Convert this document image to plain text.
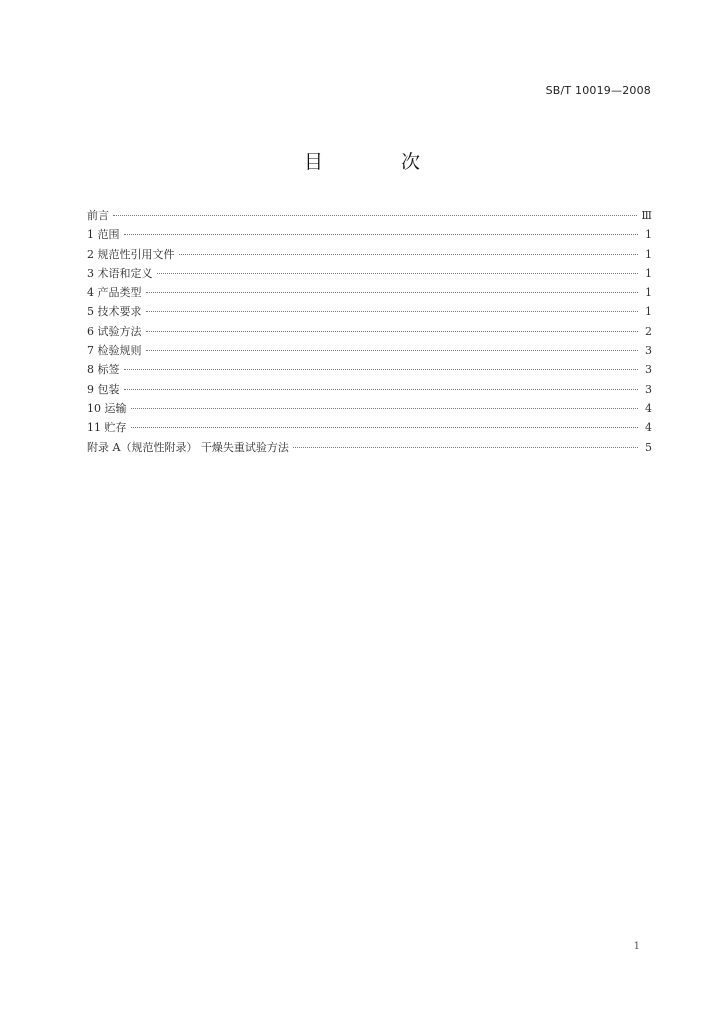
SB/T 10019—2008
目 次
前言	Ⅲ
1 范围	1
2 规范性引用文件	1
3 术语和定义	1
4 产品类型	1
5 技术要求	1
6 试验方法	2
7 检验规则	3
8 标签	3
9 包装	3
10 运输	4
11 贮存	4
附录 A（规范性附录） 干燥失重试验方法	5
1
